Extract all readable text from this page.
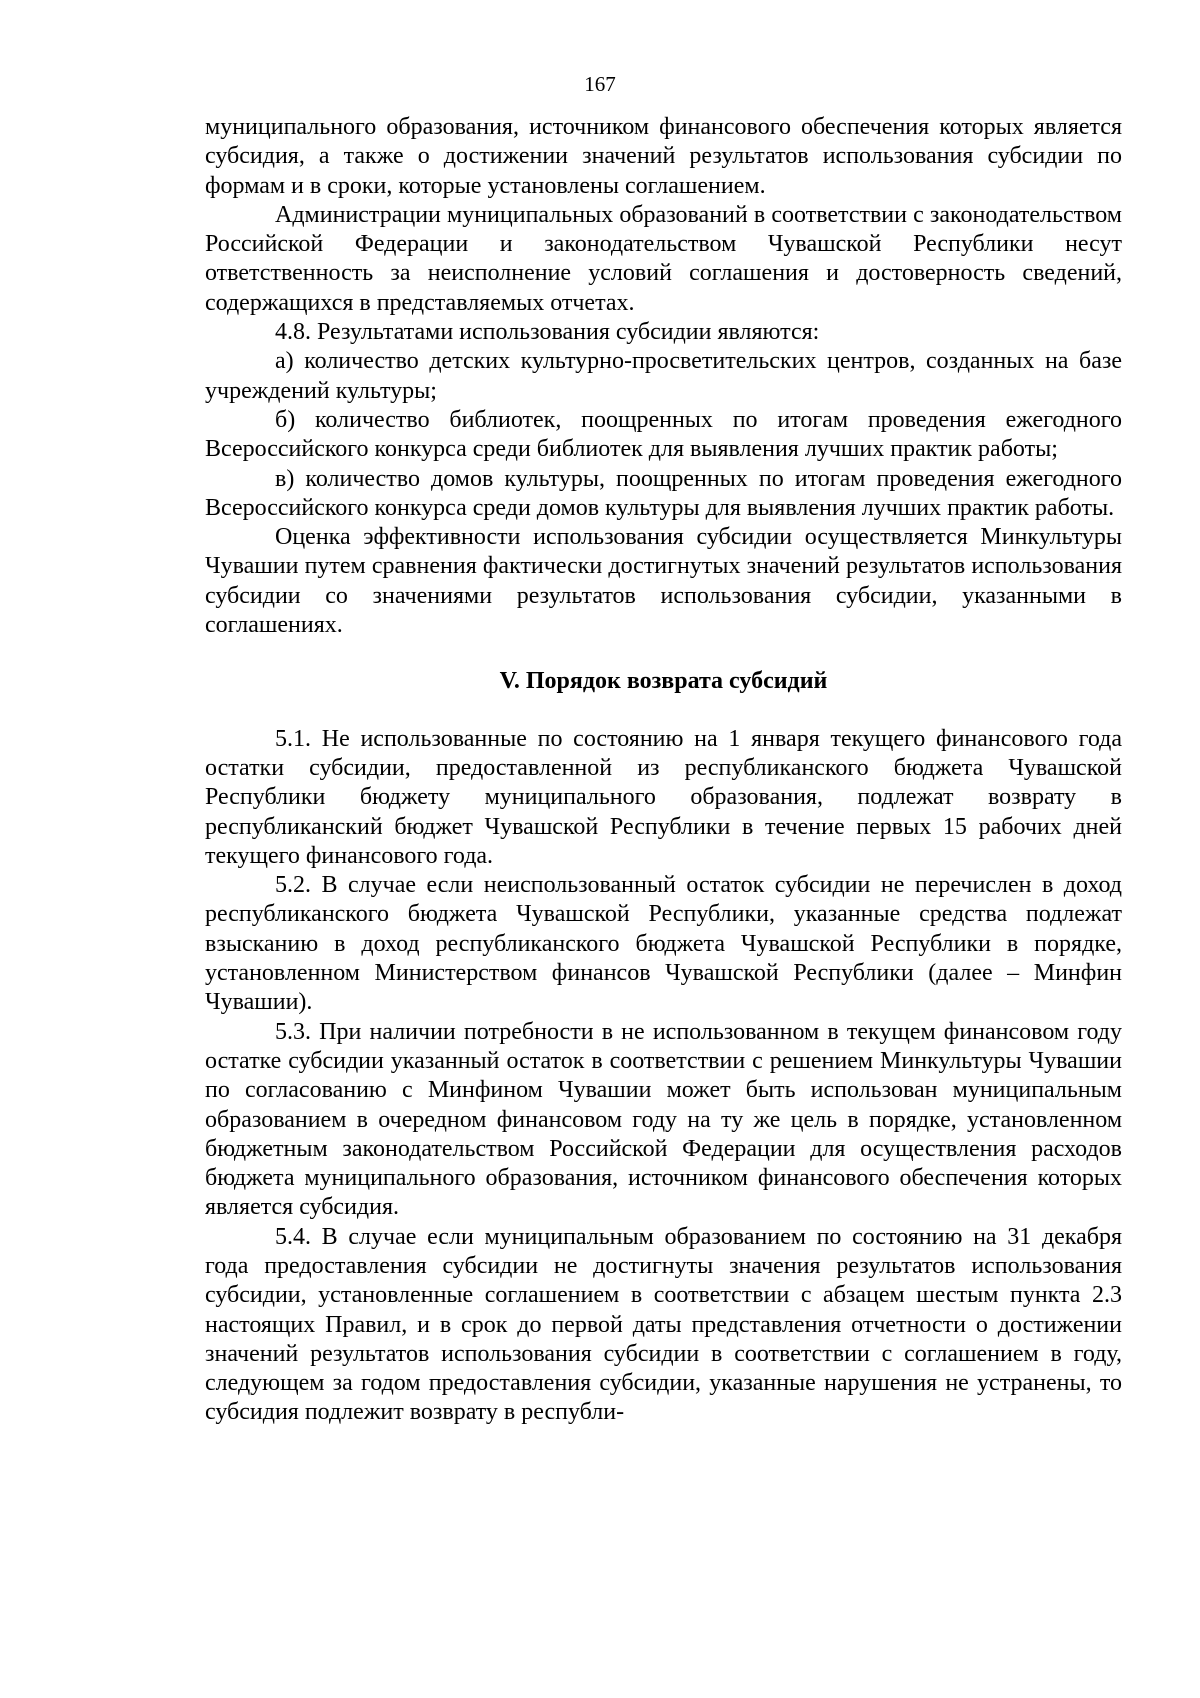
167

муниципального образования, источником финансового обеспечения которых является субсидия, а также о достижении значений результатов использования субсидии по формам и в сроки, которые установлены соглашением.

Администрации муниципальных образований в соответствии с законодательством Российской Федерации и законодательством Чувашской Республики несут ответственность за неисполнение условий соглашения и достоверность сведений, содержащихся в представляемых отчетах.

4.8. Результатами использования субсидии являются:

а) количество детских культурно-просветительских центров, созданных на базе учреждений культуры;

б) количество библиотек, поощренных по итогам проведения ежегодного Всероссийского конкурса среди библиотек для выявления лучших практик работы;

в) количество домов культуры, поощренных по итогам проведения ежегодного Всероссийского конкурса среди домов культуры для выявления лучших практик работы.

Оценка эффективности использования субсидии осуществляется Минкультуры Чувашии путем сравнения фактически достигнутых значений результатов использования субсидии со значениями результатов использования субсидии, указанными в соглашениях.

V. Порядок возврата субсидий

5.1. Не использованные по состоянию на 1 января текущего финансового года остатки субсидии, предоставленной из республиканского бюджета Чувашской Республики бюджету муниципального образования, подлежат возврату в республиканский бюджет Чувашской Республики в течение первых 15 рабочих дней текущего финансового года.

5.2. В случае если неиспользованный остаток субсидии не перечислен в доход республиканского бюджета Чувашской Республики, указанные средства подлежат взысканию в доход республиканского бюджета Чувашской Республики в порядке, установленном Министерством финансов Чувашской Республики (далее – Минфин Чувашии).

5.3. При наличии потребности в не использованном в текущем финансовом году остатке субсидии указанный остаток в соответствии с решением Минкультуры Чувашии по согласованию с Минфином Чувашии может быть использован муниципальным образованием в очередном финансовом году на ту же цель в порядке, установленном бюджетным законодательством Российской Федерации для осуществления расходов бюджета муниципального образования, источником финансового обеспечения которых является субсидия.

5.4. В случае если муниципальным образованием по состоянию на 31 декабря года предоставления субсидии не достигнуты значения результатов использования субсидии, установленные соглашением в соответствии с абзацем шестым пункта 2.3 настоящих Правил, и в срок до первой даты представления отчетности о достижении значений результатов использования субсидии в соответствии с соглашением в году, следующем за годом предоставления субсидии, указанные нарушения не устранены, то субсидия подлежит возврату в республи-
